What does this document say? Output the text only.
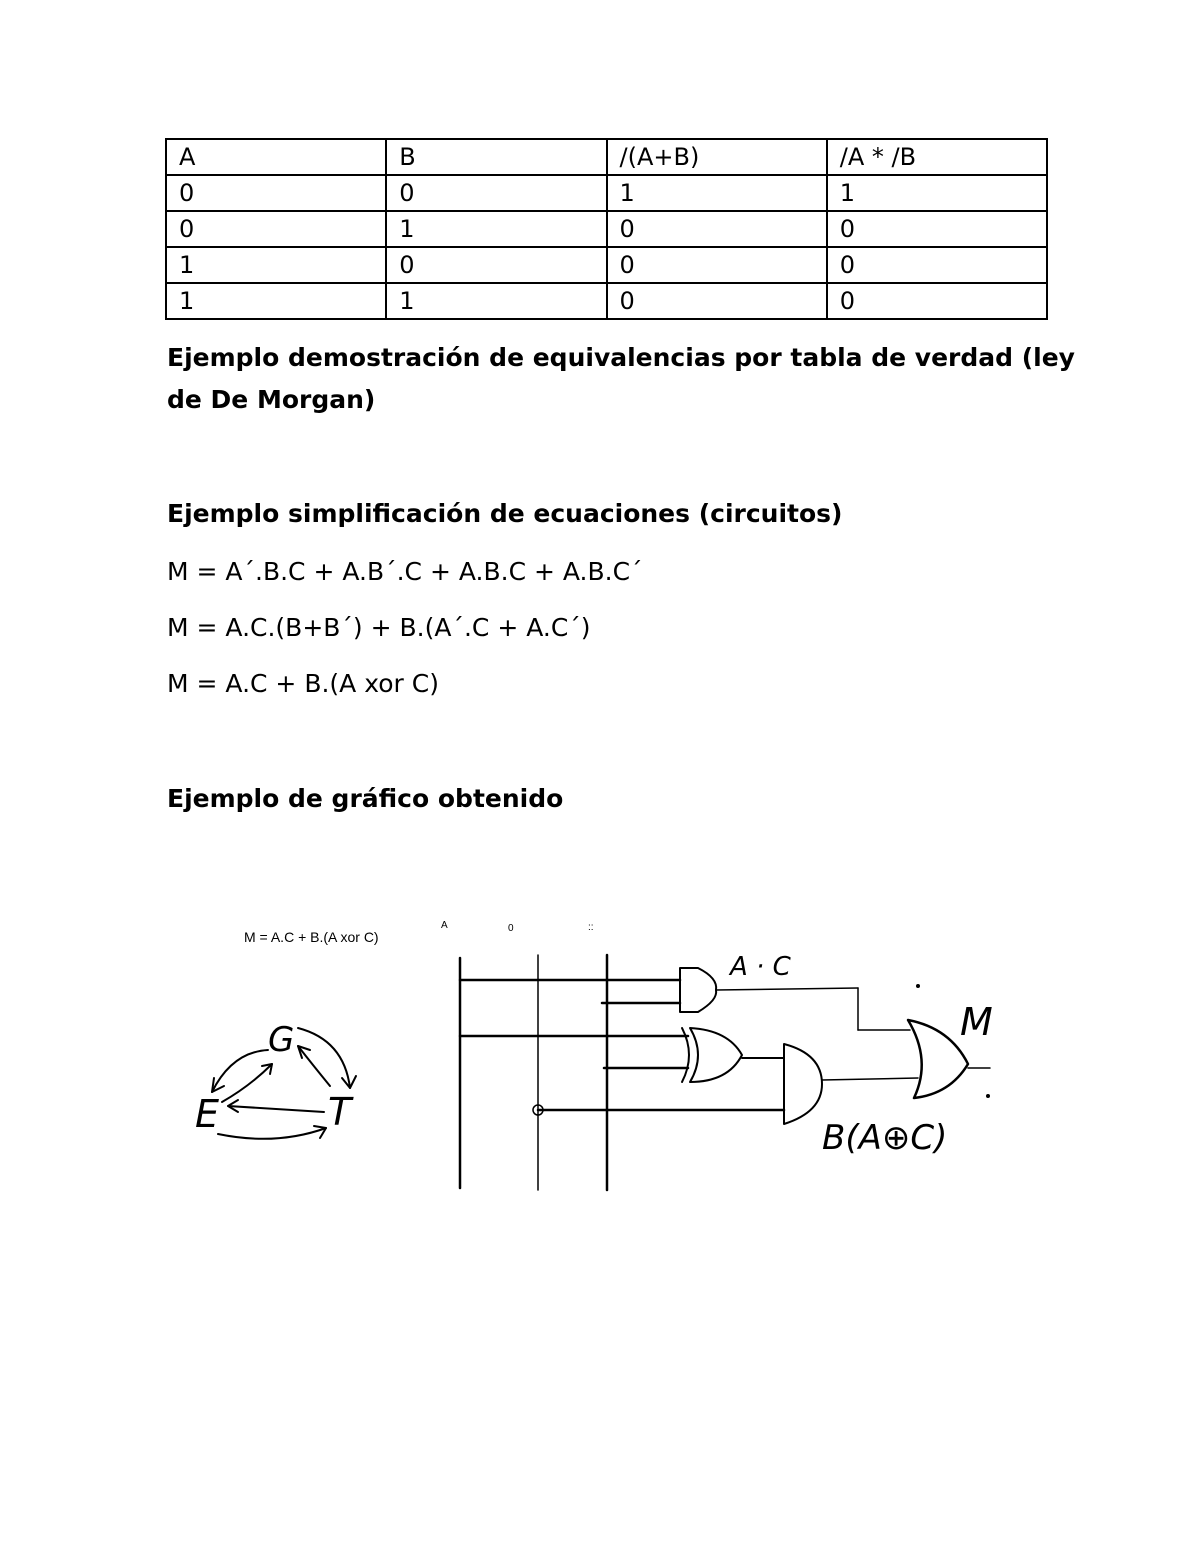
A	B	/(A+B)	/A * /B
0	0	1	1
0	1	0	0
1	0	0	0
1	1	0	0

Ejemplo demostración de equivalencias por tabla de verdad (ley

de De Morgan)

Ejemplo simplificación de ecuaciones (circuitos)

M = A´.B.C + A.B´.C + A.B.C + A.B.C´

M = A.C.(B+B´) + B.(A´.C + A.C´)

M = A.C + B.(A xor C)

Ejemplo de gráfico obtenido

M = A.C + B.(A xor C)
A	0	::
G
E	T
A · C
B(A⊕C)
M
